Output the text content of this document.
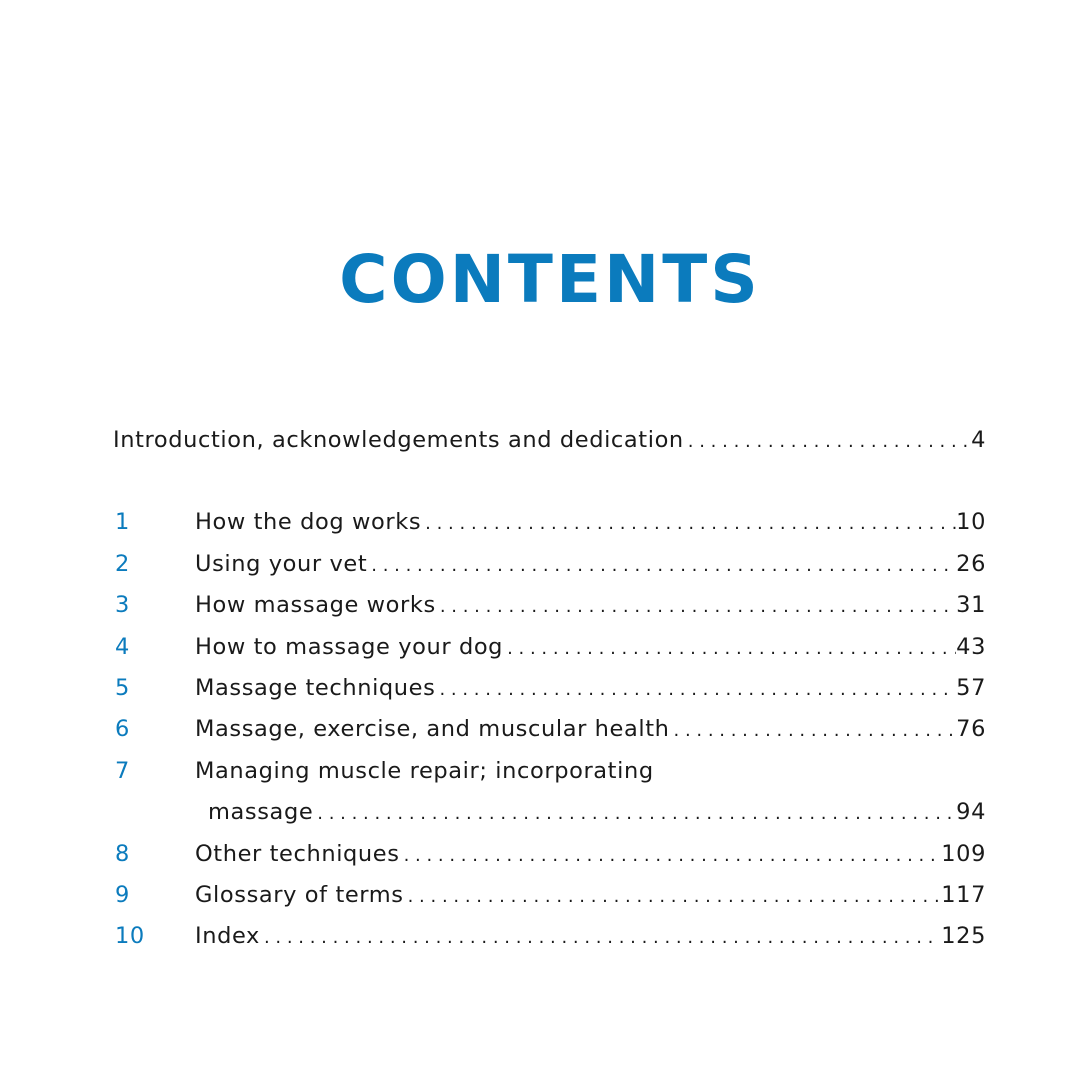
CONTENTS
Introduction, acknowledgements and dedication . . .	4
1	How the dog works . . .	10
2	Using your vet . . .	26
3	How massage works . . .	31
4	How to massage your dog . . .	43
5	Massage techniques . . .	57
6	Massage, exercise, and muscular health . . .	76
7	Managing muscle repair; incorporating
massage . . .	94
8	Other techniques . . .	109
9	Glossary of terms . . .	117
10	Index . . .	125
